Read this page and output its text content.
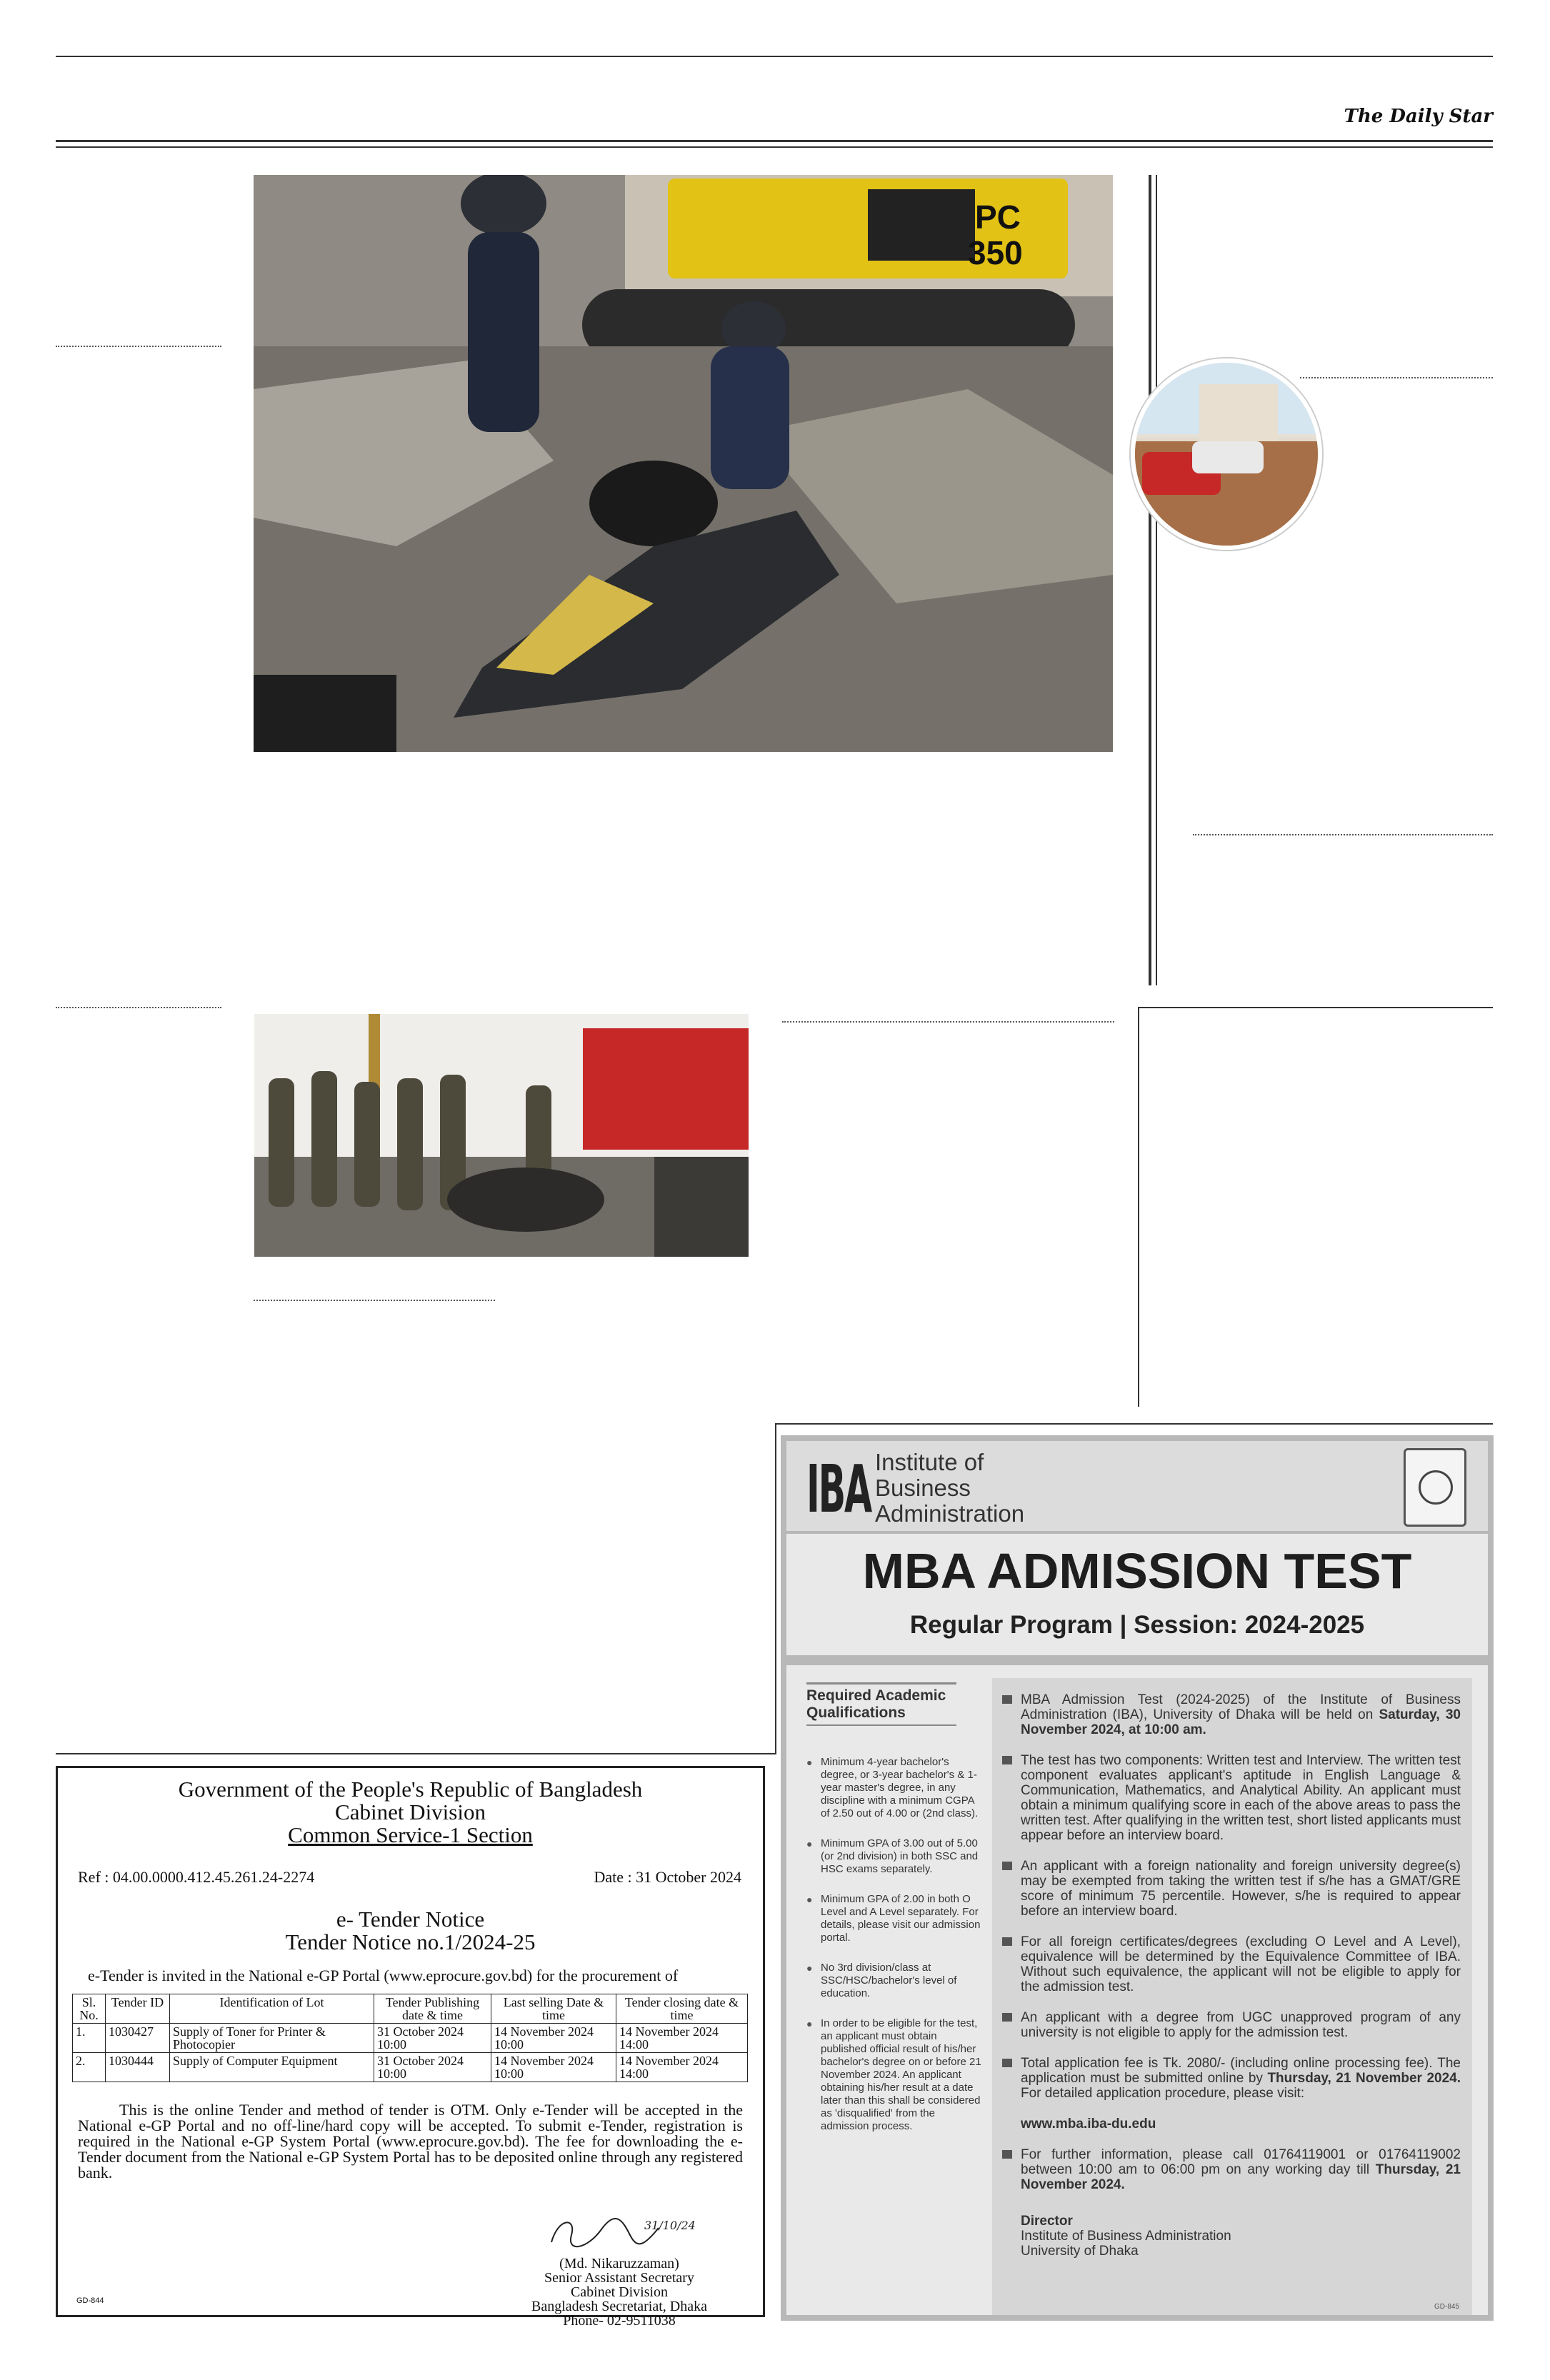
The Daily Star
PC
350
IBA Institute of
Business
Administration
MBA ADMISSION TEST
Regular Program | Session: 2024-2025
Required Academic Qualifications
● Minimum 4-year bachelor's degree, or 3-year bachelor's & 1-year master's degree, in any discipline with a minimum CGPA of 2.50 out of 4.00 or (2nd class).
● Minimum GPA of 3.00 out of 5.00 (or 2nd division) in both SSC and HSC exams separately.
● Minimum GPA of 2.00 in both O Level and A Level separately. For details, please visit our admission portal.
● No 3rd division/class at SSC/HSC/bachelor's level of education.
● In order to be eligible for the test, an applicant must obtain published official result of his/her bachelor's degree on or before 21 November 2024. An applicant obtaining his/her result at a date later than this shall be considered as 'disqualified' from the admission process.

MBA Admission Test (2024-2025) of the Institute of Business Administration (IBA), University of Dhaka will be held on Saturday, 30 November 2024, at 10:00 am.

The test has two components: Written test and Interview. The written test component evaluates applicant's aptitude in English Language & Communication, Mathematics, and Analytical Ability. An applicant must obtain a minimum qualifying score in each of the above areas to pass the written test. After qualifying in the written test, short listed applicants must appear before an interview board.

An applicant with a foreign nationality and foreign university degree(s) may be exempted from taking the written test if s/he has a GMAT/GRE score of minimum 75 percentile. However, s/he is required to appear before an interview board.

For all foreign certificates/degrees (excluding O Level and A Level), equivalence will be determined by the Equivalence Committee of IBA. Without such equivalence, the applicant will not be eligible to apply for the admission test.

An applicant with a degree from UGC unapproved program of any university is not eligible to apply for the admission test.

Total application fee is Tk. 2080/- (including online processing fee). The application must be submitted online by Thursday, 21 November 2024. For detailed application procedure, please visit:

www.mba.iba-du.edu

For further information, please call 01764119001 or 01764119002 between 10:00 am to 06:00 pm on any working day till Thursday, 21 November 2024.

Director
Institute of Business Administration
University of Dhaka

GD-845
Government of the People's Republic of Bangladesh
Cabinet Division
Common Service-1 Section
Ref : 04.00.0000.412.45.261.24-2274	Date : 31 October 2024
e- Tender Notice
Tender Notice no.1/2024-25
e-Tender is invited in the National e-GP Portal (www.eprocure.gov.bd) for the procurement of
Sl. No.	Tender ID	Identification of Lot	Tender Publishing date & time	Last selling Date & time	Tender closing date & time
1.	1030427	Supply of Toner for Printer & Photocopier	31 October 2024 10:00	14 November 2024 10:00	14 November 2024 14:00
2.	1030444	Supply of Computer Equipment	31 October 2024 10:00	14 November 2024 10:00	14 November 2024 14:00
This is the online Tender and method of tender is OTM. Only e-Tender will be accepted in the National e-GP Portal and no off-line/hard copy will be accepted. To submit e-Tender, registration is required in the National e-GP System Portal (www.eprocure.gov.bd). The fee for downloading the e-Tender document from the National e-GP System Portal has to be deposited online through any registered bank.
31/10/24
(Md. Nikaruzzaman)
Senior Assistant Secretary
Cabinet Division
Bangladesh Secretariat, Dhaka
Phone- 02-9511038
GD-844
